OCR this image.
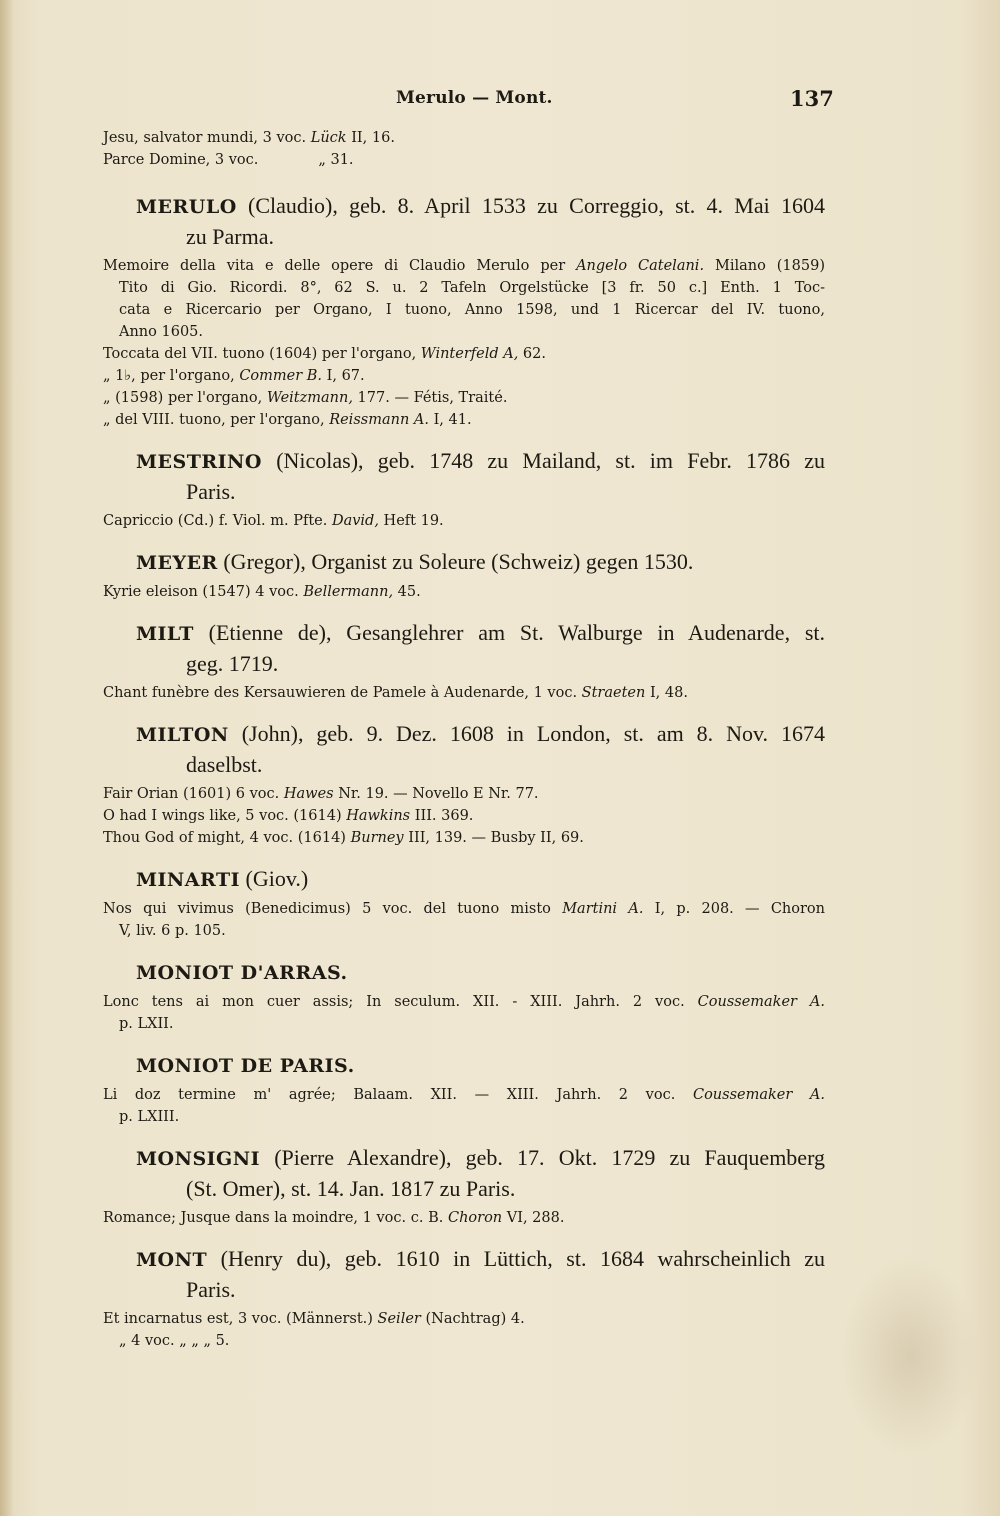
Merulo — Mont.	137
Jesu, salvator mundi, 3 voc. Lück II, 16.
Parce Domine, 3 voc.	„ 31.
MERULO (Claudio), geb. 8. April 1533 zu Correggio, st. 4. Mai 1604
zu Parma.
Memoire della vita e delle opere di Claudio Merulo per Angelo Catelani. Milano (1859)
Tito di Gio. Ricordi. 8°, 62 S. u. 2 Tafeln Orgelstücke [3 fr. 50 c.] Enth. 1 Toc-
cata e Ricercario per Organo, I tuono, Anno 1598, und 1 Ricercar del IV. tuono,
Anno 1605.
Toccata del VII. tuono (1604) per l'organo, Winterfeld A, 62.
„ 1♭, per l'organo, Commer B. I, 67.
„ (1598) per l'organo, Weitzmann, 177. — Fétis, Traité.
„ del VIII. tuono, per l'organo, Reissmann A. I, 41.
MESTRINO (Nicolas), geb. 1748 zu Mailand, st. im Febr. 1786 zu
Paris.
Capriccio (Cd.) f. Viol. m. Pfte. David, Heft 19.
MEYER (Gregor), Organist zu Soleure (Schweiz) gegen 1530.
Kyrie eleison (1547) 4 voc. Bellermann, 45.
MILT (Etienne de), Gesanglehrer am St. Walburge in Audenarde, st.
geg. 1719.
Chant funèbre des Kersauwieren de Pamele à Audenarde, 1 voc. Straeten I, 48.
MILTON (John), geb. 9. Dez. 1608 in London, st. am 8. Nov. 1674
daselbst.
Fair Orian (1601) 6 voc. Hawes Nr. 19. — Novello E Nr. 77.
O had I wings like, 5 voc. (1614) Hawkins III. 369.
Thou God of might, 4 voc. (1614) Burney III, 139. — Busby II, 69.
MINARTI (Giov.)
Nos qui vivimus (Benedicimus) 5 voc. del tuono misto Martini A. I, p. 208. — Choron
V, liv. 6 p. 105.
MONIOT D'ARRAS.
Lonc tens ai mon cuer assis; In seculum. XII. - XIII. Jahrh. 2 voc. Coussemaker A.
p. LXII.
MONIOT DE PARIS.
Li doz termine m' agrée; Balaam. XII. — XIII. Jahrh. 2 voc. Coussemaker A.
p. LXIII.
MONSIGNI (Pierre Alexandre), geb. 17. Okt. 1729 zu Fauquemberg
(St. Omer), st. 14. Jan. 1817 zu Paris.
Romance; Jusque dans la moindre, 1 voc. c. B. Choron VI, 288.
MONT (Henry du), geb. 1610 in Lüttich, st. 1684 wahrscheinlich zu
Paris.
Et incarnatus est, 3 voc. (Männerst.) Seiler (Nachtrag) 4.
„ 4 voc. „ „ „ 5.
